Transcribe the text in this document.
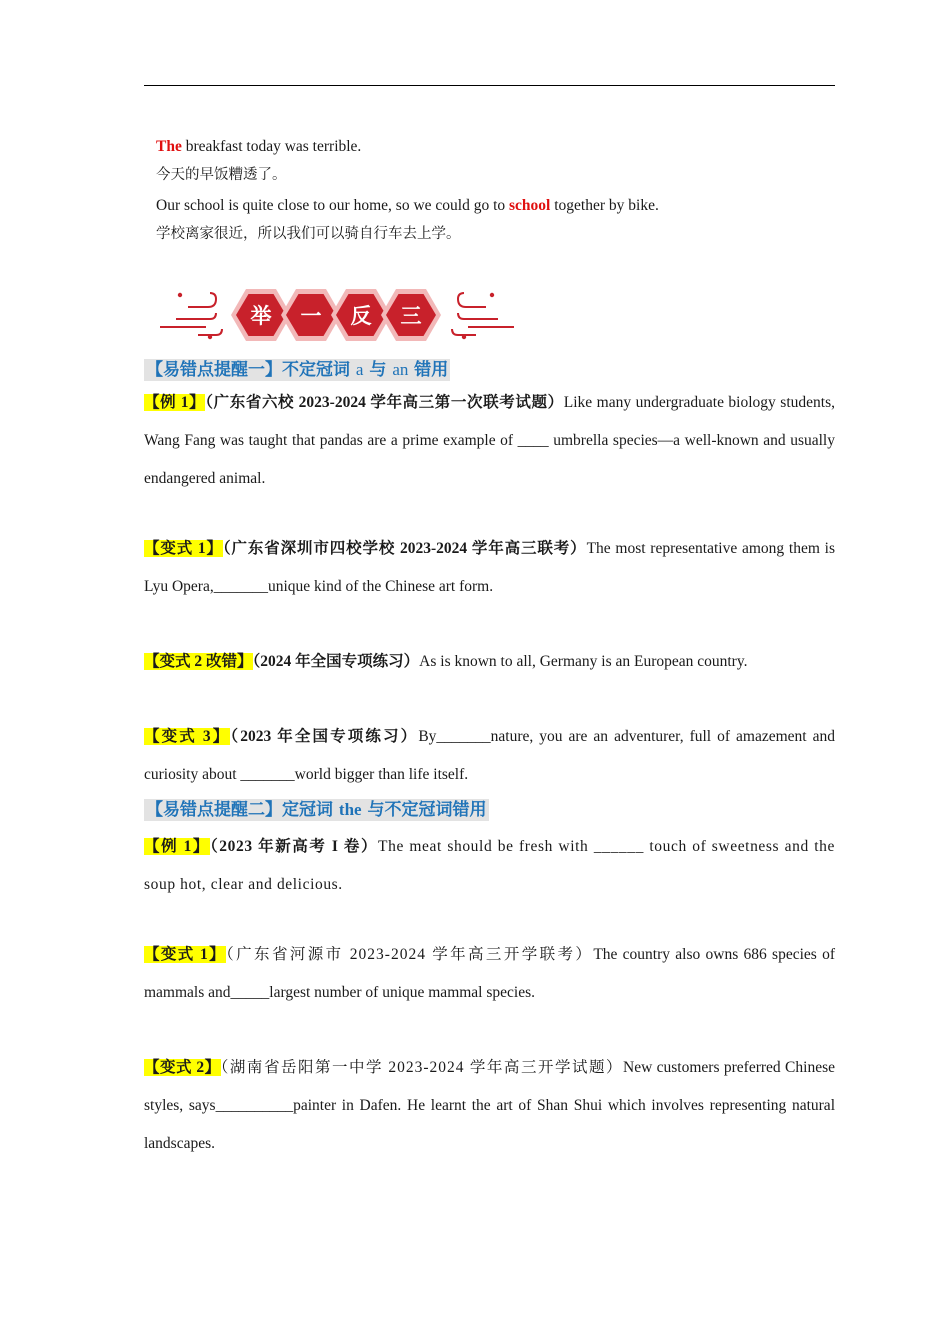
The breakfast today was terrible.
今天的早饭糟透了。
Our school is quite close to our home, so we could go to school together by bike.
学校离家很近，所以我们可以骑自行车去上学。
举 一 反 三
【易错点提醒一】不定冠词 a 与 an 错用
【例 1】（广东省六校 2023-2024 学年高三第一次联考试题）Like many undergraduate biology students, Wang Fang was taught that pandas are a prime example of ____ umbrella species—a well-known and usually endangered animal.
【变式 1】（广东省深圳市四校学校 2023-2024 学年高三联考）The most representative among them is Lyu Opera,_______unique kind of the Chinese art form.
【变式 2 改错】（2024 年全国专项练习）As is known to all, Germany is an European country.
【变式 3】（2023 年全国专项练习）By_______nature, you are an adventurer, full of amazement and curiosity about _______world bigger than life itself.
【易错点提醒二】定冠词 the 与不定冠词错用
【例 1】（2023 年新高考 I 卷）The meat should be fresh with ______ touch of sweetness and the soup hot, clear and delicious.
【变式 1】（广东省河源市 2023-2024 学年高三开学联考）The country also owns 686 species of mammals and_____largest number of unique mammal species.
【变式 2】（湖南省岳阳第一中学 2023-2024 学年高三开学试题）New customers preferred Chinese styles, says__________painter in Dafen. He learnt the art of Shan Shui which involves representing natural landscapes.
